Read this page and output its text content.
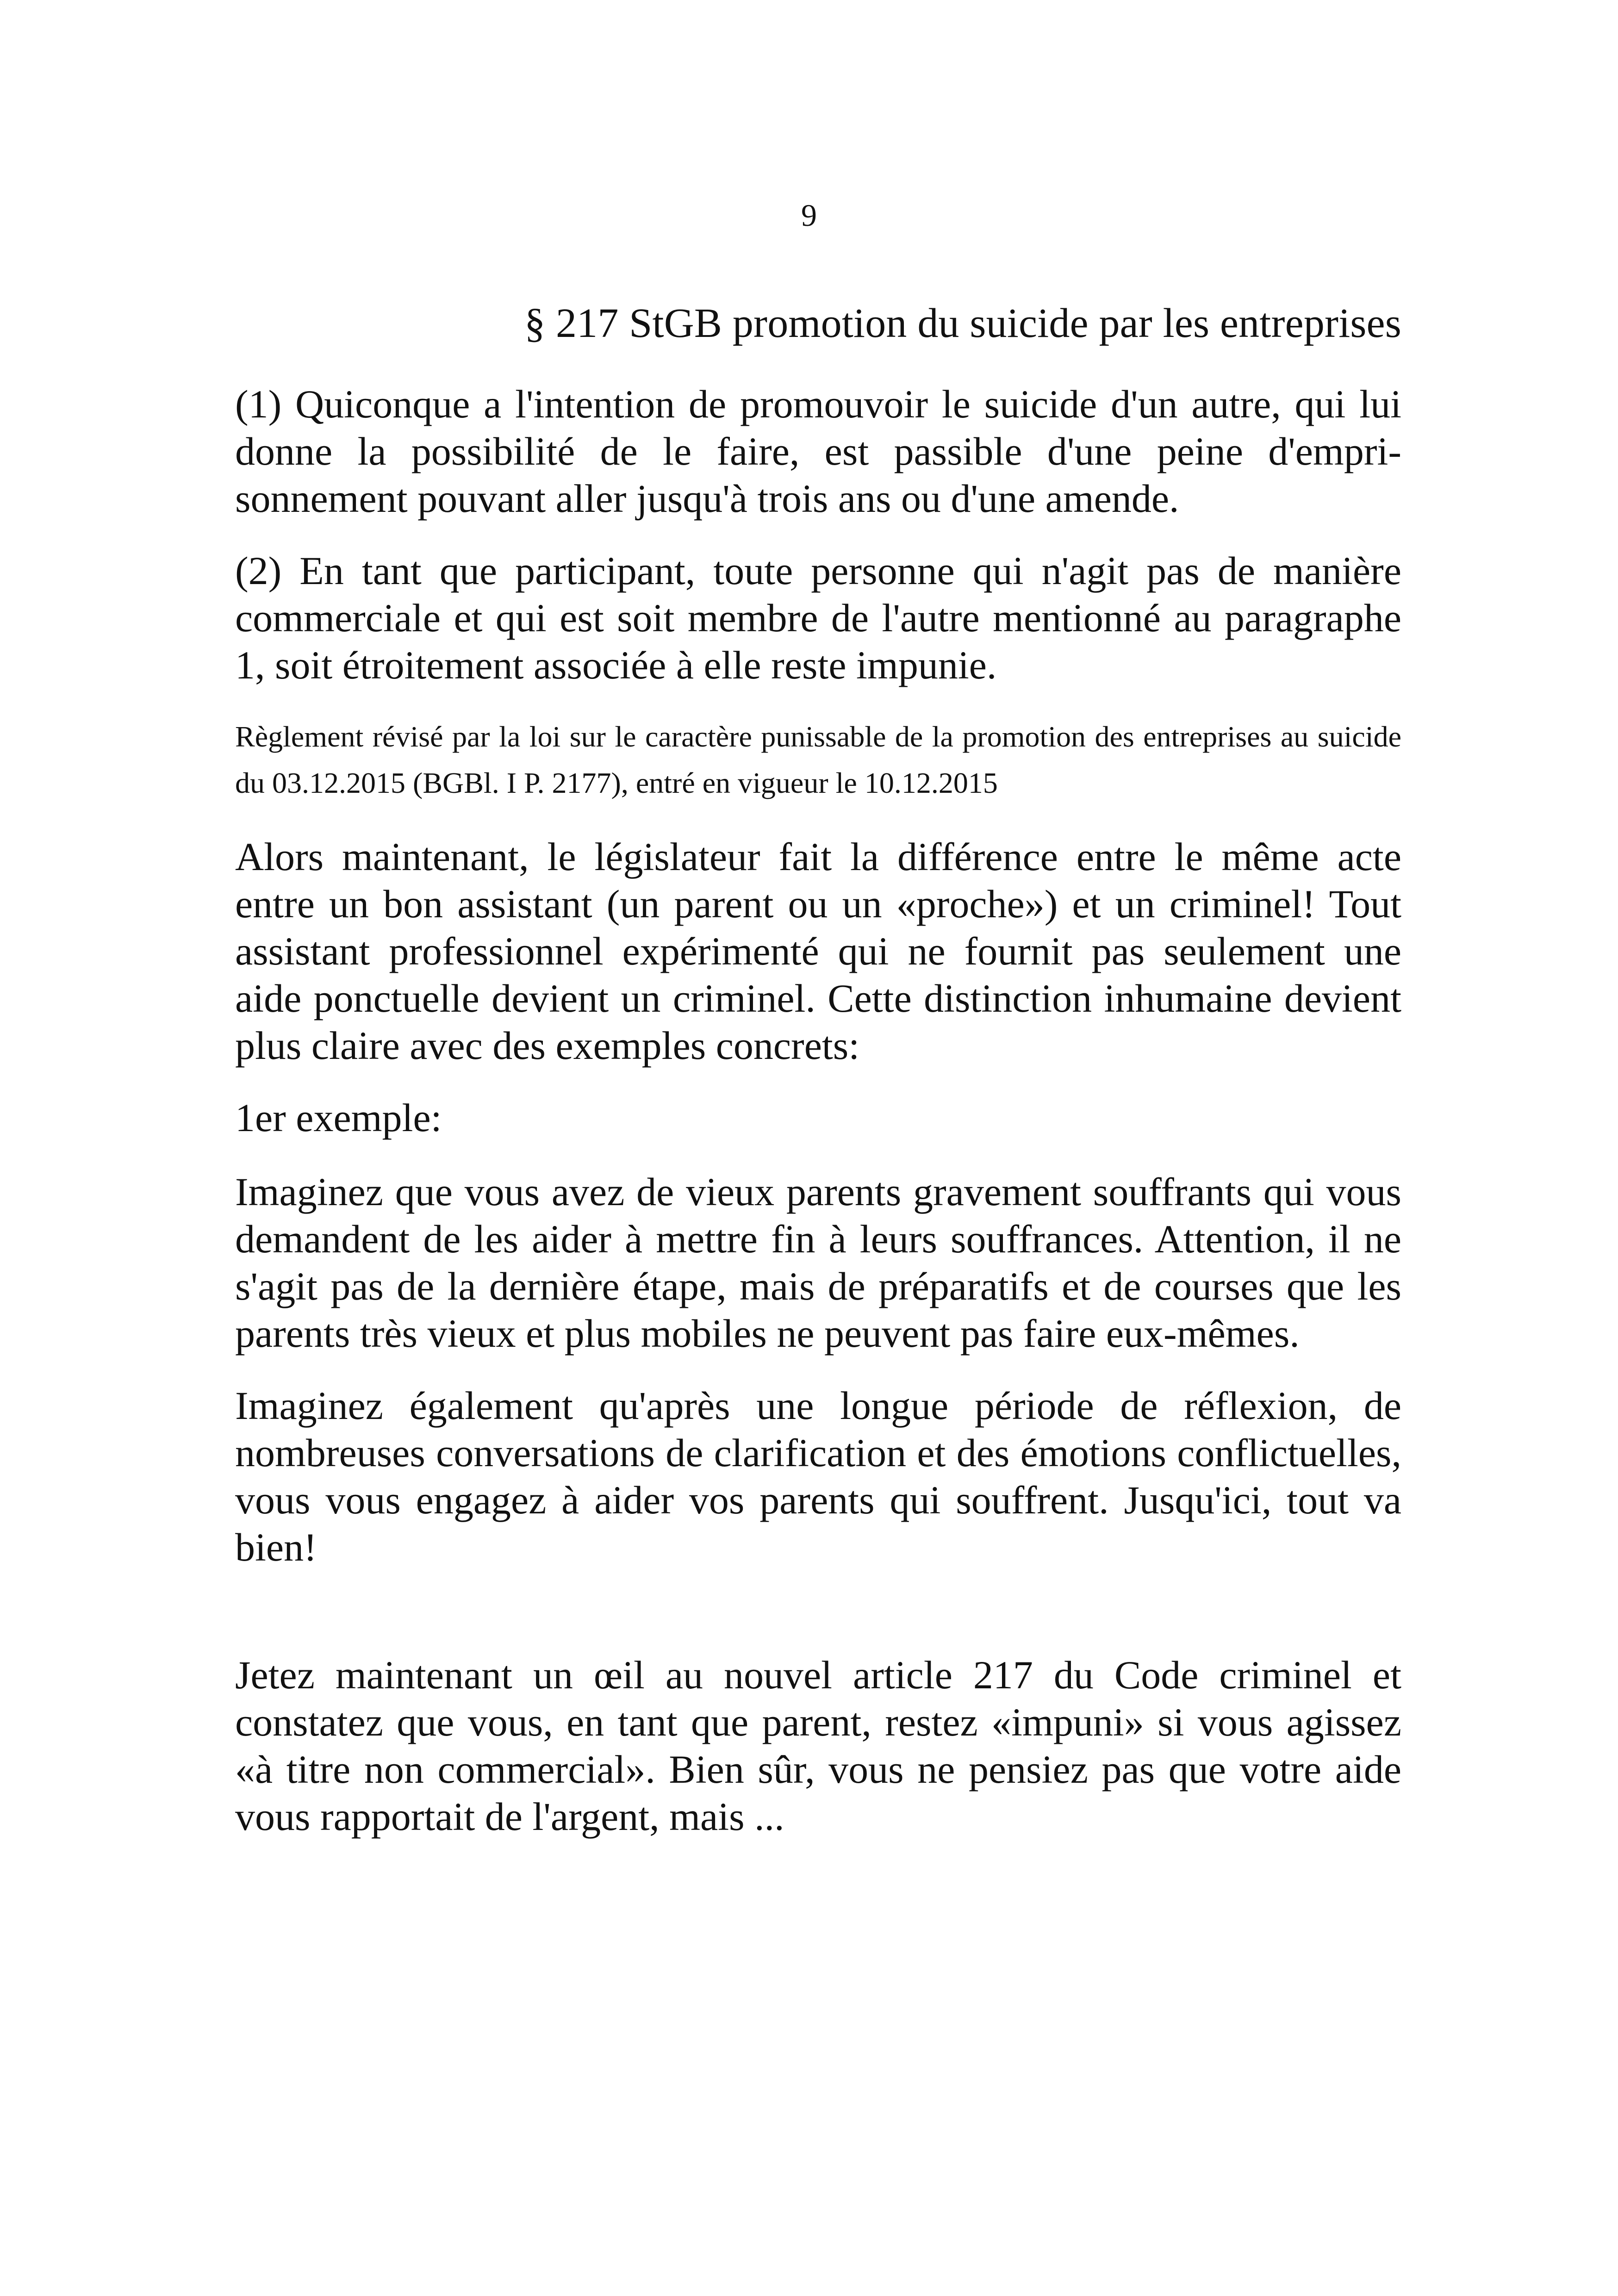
9
§ 217 StGB promotion du suicide par les entreprises

(1) Quiconque a l'intention de promouvoir le suicide d'un autre, qui lui donne la possibilité de le faire, est passible d'une peine d'emprisonnement pouvant aller jusqu'à trois ans ou d'une amende.

(2) En tant que participant, toute personne qui n'agit pas de manière commerciale et qui est soit membre de l'autre mentionné au paragraphe 1, soit étroitement associée à elle reste impunie.

Règlement révisé par la loi sur le caractère punissable de la promotion des entreprises au suicide du 03.12.2015 (BGBl. I P. 2177), entré en vigueur le 10.12.2015

Alors maintenant, le législateur fait la différence entre le même acte entre un bon assistant (un parent ou un «proche») et un criminel! Tout assistant professionnel expérimenté qui ne fournit pas seulement une aide ponctuelle devient un criminel. Cette distinction inhumaine devient plus claire avec des exemples concrets:

1er exemple:

Imaginez que vous avez de vieux parents gravement souffrants qui vous demandent de les aider à mettre fin à leurs souffrances. Attention, il ne s'agit pas de la dernière étape, mais de préparatifs et de courses que les parents très vieux et plus mobiles ne peuvent pas faire eux-mêmes.

Imaginez également qu'après une longue période de réflexion, de nombreuses conversations de clarification et des émotions conflictuelles, vous vous engagez à aider vos parents qui souffrent. Jusqu'ici, tout va bien!

Jetez maintenant un œil au nouvel article 217 du Code criminel et constatez que vous, en tant que parent, restez «impuni» si vous agissez «à titre non commercial». Bien sûr, vous ne pensiez pas que votre aide vous rapportait de l'argent, mais ...
